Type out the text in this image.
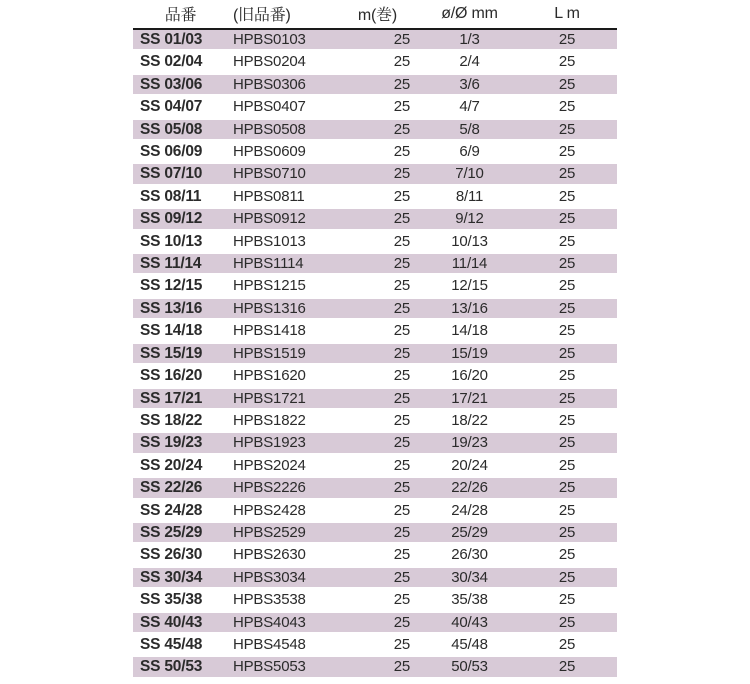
品番	(旧品番)	m(巻)	ø/Ø mm	L m
SS 01/03	HPBS0103	25	1/3	25
SS 02/04	HPBS0204	25	2/4	25
SS 03/06	HPBS0306	25	3/6	25
SS 04/07	HPBS0407	25	4/7	25
SS 05/08	HPBS0508	25	5/8	25
SS 06/09	HPBS0609	25	6/9	25
SS 07/10	HPBS0710	25	7/10	25
SS 08/11	HPBS0811	25	8/11	25
SS 09/12	HPBS0912	25	9/12	25
SS 10/13	HPBS1013	25	10/13	25
SS 11/14	HPBS1114	25	11/14	25
SS 12/15	HPBS1215	25	12/15	25
SS 13/16	HPBS1316	25	13/16	25
SS 14/18	HPBS1418	25	14/18	25
SS 15/19	HPBS1519	25	15/19	25
SS 16/20	HPBS1620	25	16/20	25
SS 17/21	HPBS1721	25	17/21	25
SS 18/22	HPBS1822	25	18/22	25
SS 19/23	HPBS1923	25	19/23	25
SS 20/24	HPBS2024	25	20/24	25
SS 22/26	HPBS2226	25	22/26	25
SS 24/28	HPBS2428	25	24/28	25
SS 25/29	HPBS2529	25	25/29	25
SS 26/30	HPBS2630	25	26/30	25
SS 30/34	HPBS3034	25	30/34	25
SS 35/38	HPBS3538	25	35/38	25
SS 40/43	HPBS4043	25	40/43	25
SS 45/48	HPBS4548	25	45/48	25
SS 50/53	HPBS5053	25	50/53	25
